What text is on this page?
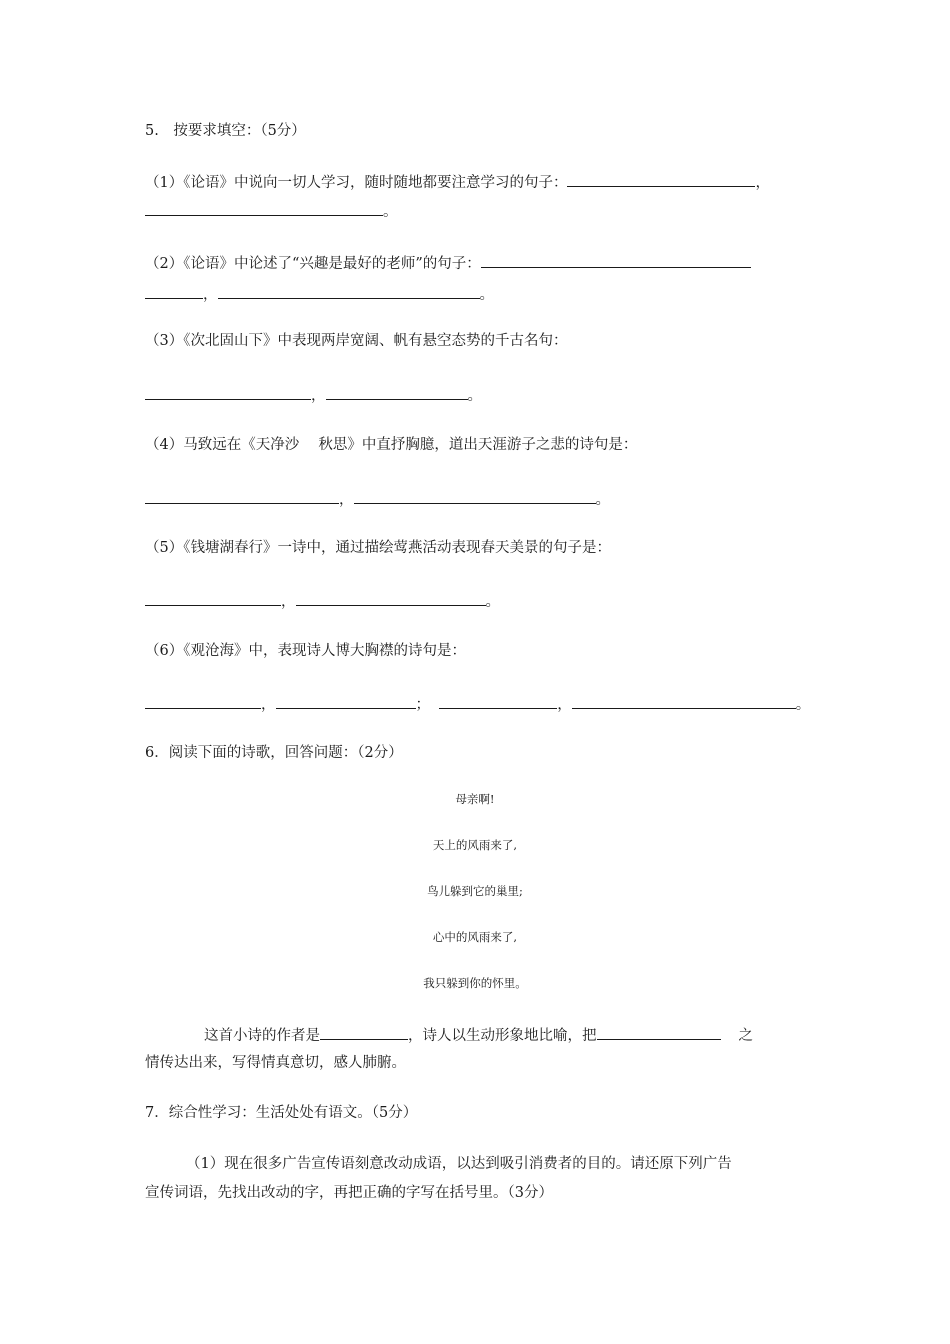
5.　按要求填空：（5分）
（1）《论语》中说向一切人学习，随时随地都要注意学习的句子：	，
。
（2）《论语》中论述了“兴趣是最好的老师”的句子：
，	。
（3）《次北固山下》中表现两岸宽阔、帆有悬空态势的千古名句：
，	。
（4）马致远在《天净沙　 秋思》中直抒胸臆，道出天涯游子之悲的诗句是：
，	。
（5）《钱塘湖春行》一诗中，通过描绘莺燕活动表现春天美景的句子是：
，	。
（6）《观沧海》中，表现诗人博大胸襟的诗句是：
，	；	，	。
6．阅读下面的诗歌，回答问题：（2分）
母亲啊!
天上的风雨来了,
鸟儿躲到它的巢里;
心中的风雨来了,
我只躲到你的怀里。
这首小诗的作者是	，诗人以生动形象地比喻，把	之
情传达出来，写得情真意切，感人肺腑。
7．综合性学习：生活处处有语文。（5分）
（1）现在很多广告宣传语刻意改动成语，以达到吸引消费者的目的。请还原下列广告
宣传词语，先找出改动的字，再把正确的字写在括号里。（3分）
